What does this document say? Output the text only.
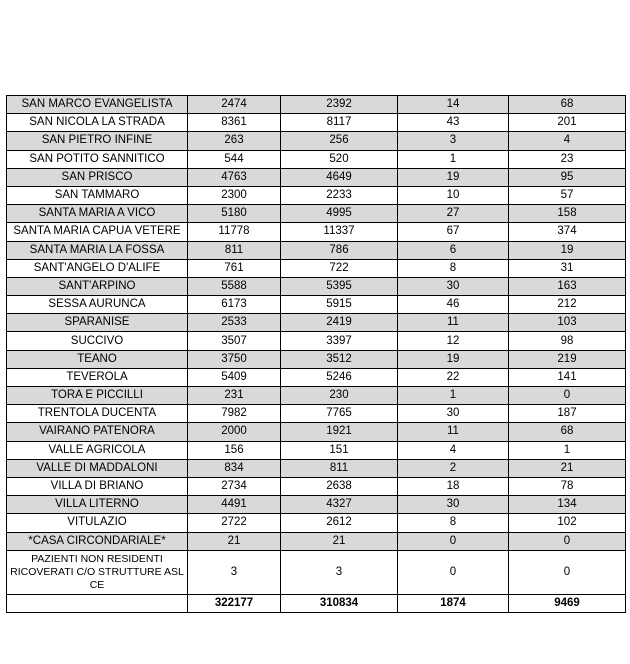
SAN MARCO EVANGELISTA	2474	2392	14	68
SAN NICOLA LA STRADA	8361	8117	43	201
SAN PIETRO INFINE	263	256	3	4
SAN POTITO SANNITICO	544	520	1	23
SAN PRISCO	4763	4649	19	95
SAN TAMMARO	2300	2233	10	57
SANTA MARIA A VICO	5180	4995	27	158
SANTA MARIA CAPUA VETERE	11778	11337	67	374
SANTA MARIA LA FOSSA	811	786	6	19
SANT'ANGELO D'ALIFE	761	722	8	31
SANT'ARPINO	5588	5395	30	163
SESSA AURUNCA	6173	5915	46	212
SPARANISE	2533	2419	11	103
SUCCIVO	3507	3397	12	98
TEANO	3750	3512	19	219
TEVEROLA	5409	5246	22	141
TORA E PICCILLI	231	230	1	0
TRENTOLA DUCENTA	7982	7765	30	187
VAIRANO PATENORA	2000	1921	11	68
VALLE AGRICOLA	156	151	4	1
VALLE DI MADDALONI	834	811	2	21
VILLA DI BRIANO	2734	2638	18	78
VILLA LITERNO	4491	4327	30	134
VITULAZIO	2722	2612	8	102
*CASA CIRCONDARIALE*	21	21	0	0
PAZIENTI NON RESIDENTI RICOVERATI C/O STRUTTURE ASL CE	3	3	0	0
	322177	310834	1874	9469
